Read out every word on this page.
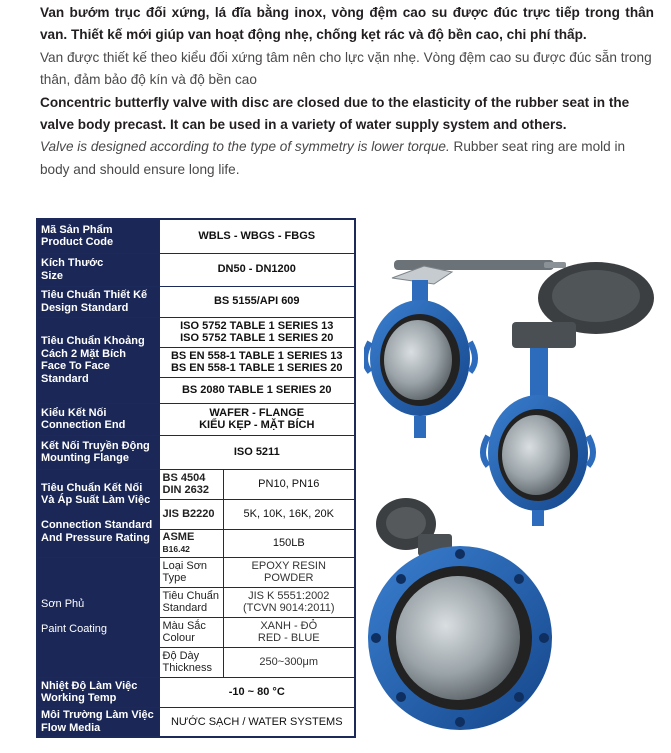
Van bướm trục đối xứng, lá đĩa bằng inox, vòng đệm cao su được đúc trực tiếp trong thân van. Thiết kế mới giúp van hoạt động nhẹ, chống kẹt rác và độ bền cao, chi phí thấp.

Van được thiết kế theo kiểu đối xứng tâm nên cho lực vặn nhẹ. Vòng đệm cao su được đúc sẵn trong thân, đảm bảo độ kín và độ bền cao

Concentric butterfly valve with disc are closed due to the elasticity of the rubber seat in the valve body precast. It can be used in a variety of water supply system and others.

Valve is designed according to the type of symmetry is lower torque. Rubber seat ring are mold in body and should ensure long life.

Mã Sản Phẩm
Product Code	WBLS - WBGS - FBGS	
Kích Thước
Size	DN50 - DN1200	
Tiêu Chuẩn Thiết Kế
Design Standard	BS 5155/API 609	
Tiêu Chuẩn Khoảng Cách 2 Mặt Bích
Face To Face Standard	ISO 5752 TABLE 1 SERIES 13
ISO 5752 TABLE 1 SERIES 20	
	BS EN 558-1 TABLE 1 SERIES 13
BS EN 558-1 TABLE 1 SERIES 20	
	BS 2080 TABLE 1 SERIES 20	
Kiểu Kết Nối
Connection End	WAFER - FLANGE
KIỂU KẸP - MẶT BÍCH	
Kết Nối Truyền Động
Mounting Flange	ISO 5211	
Tiêu Chuẩn Kết Nối Và Áp Suất Làm Việc

Connection Standard And Pressure Rating	BS 4504 DIN 2632	PN10, PN16
	JIS B2220	5K, 10K, 16K, 20K
	ASME B16.42	150LB
Sơn Phủ

Paint Coating	Loại Sơn Type	EPOXY RESIN
POWDER
	Tiêu Chuẩn Standard	JIS K 5551:2002
(TCVN 9014:2011)
	Màu Sắc Colour	XANH - ĐỎ
RED - BLUE
	Độ Dày Thickness	250~300μm
Nhiệt Độ Làm Việc
Working Temp	-10 ~ 80 °C	
Môi Trường Làm Việc
Flow Media	NƯỚC SẠCH / WATER SYSTEMS	
